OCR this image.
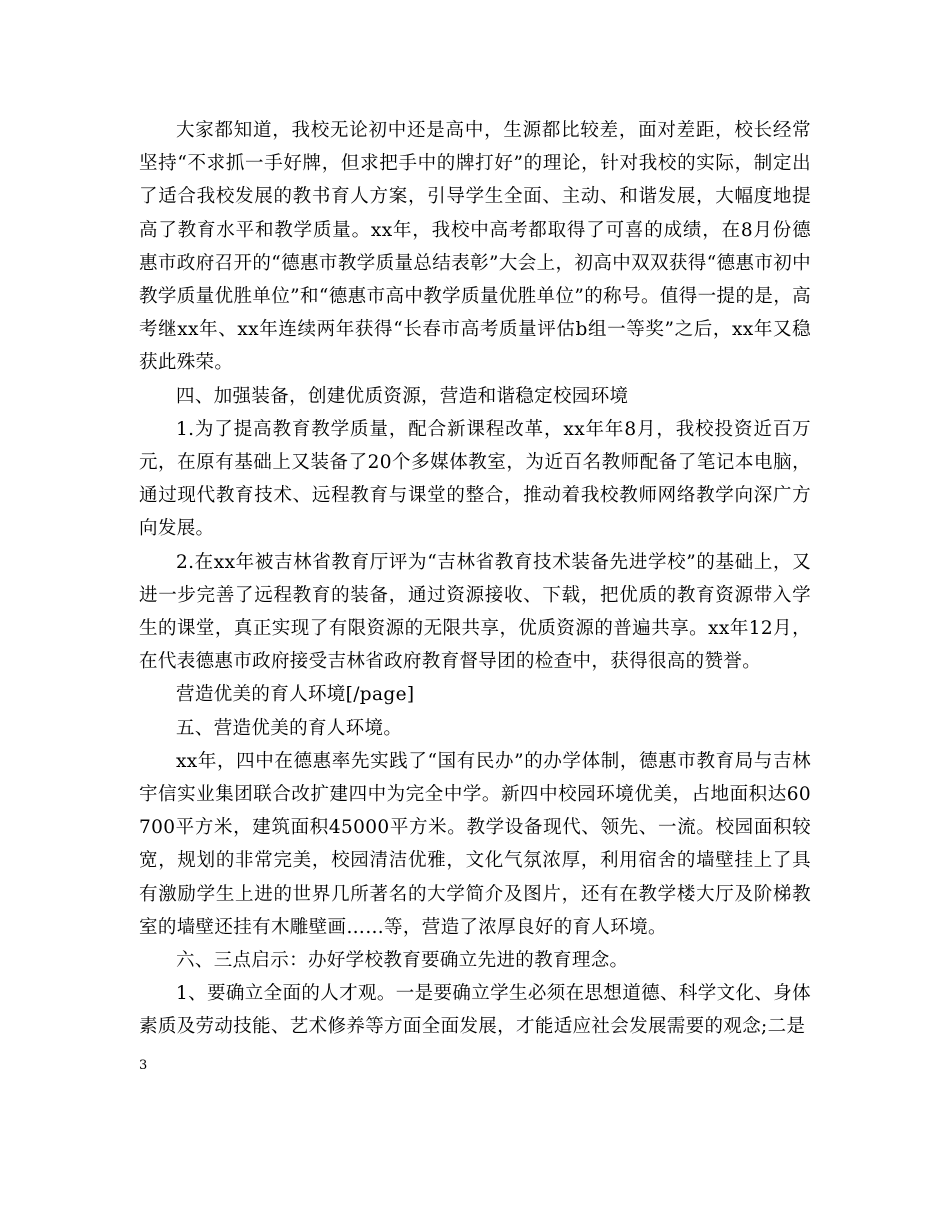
大家都知道，我校无论初中还是高中，生源都比较差，面对差距，校长经常坚持“不求抓一手好牌，但求把手中的牌打好”的理论，针对我校的实际，制定出了适合我校发展的教书育人方案，引导学生全面、主动、和谐发展，大幅度地提高了教育水平和教学质量。xx年，我校中高考都取得了可喜的成绩，在8月份德惠市政府召开的“德惠市教学质量总结表彰”大会上，初高中双双获得“德惠市初中教学质量优胜单位”和“德惠市高中教学质量优胜单位”的称号。值得一提的是，高考继xx年、xx年连续两年获得“长春市高考质量评估b组一等奖”之后，xx年又稳获此殊荣。

四、加强装备，创建优质资源，营造和谐稳定校园环境

1.为了提高教育教学质量，配合新课程改革，xx年年8月，我校投资近百万元，在原有基础上又装备了20个多媒体教室，为近百名教师配备了笔记本电脑，通过现代教育技术、远程教育与课堂的整合，推动着我校教师网络教学向深广方向发展。

2.在xx年被吉林省教育厅评为“吉林省教育技术装备先进学校”的基础上，又进一步完善了远程教育的装备，通过资源接收、下载，把优质的教育资源带入学生的课堂，真正实现了有限资源的无限共享，优质资源的普遍共享。xx年12月，在代表德惠市政府接受吉林省政府教育督导团的检查中，获得很高的赞誉。

营造优美的育人环境[/page]

五、营造优美的育人环境。

xx年，四中在德惠率先实践了“国有民办”的办学体制，德惠市教育局与吉林宇信实业集团联合改扩建四中为完全中学。新四中校园环境优美，占地面积达60700平方米，建筑面积45000平方米。教学设备现代、领先、一流。校园面积较宽，规划的非常完美，校园清洁优雅，文化气氛浓厚，利用宿舍的墙壁挂上了具有激励学生上进的世界几所著名的大学简介及图片，还有在教学楼大厅及阶梯教室的墙壁还挂有木雕壁画……等，营造了浓厚良好的育人环境。

六、三点启示：办好学校教育要确立先进的教育理念。

1、要确立全面的人才观。一是要确立学生必须在思想道德、科学文化、身体素质及劳动技能、艺术修养等方面全面发展，才能适应社会发展需要的观念;二是

3
